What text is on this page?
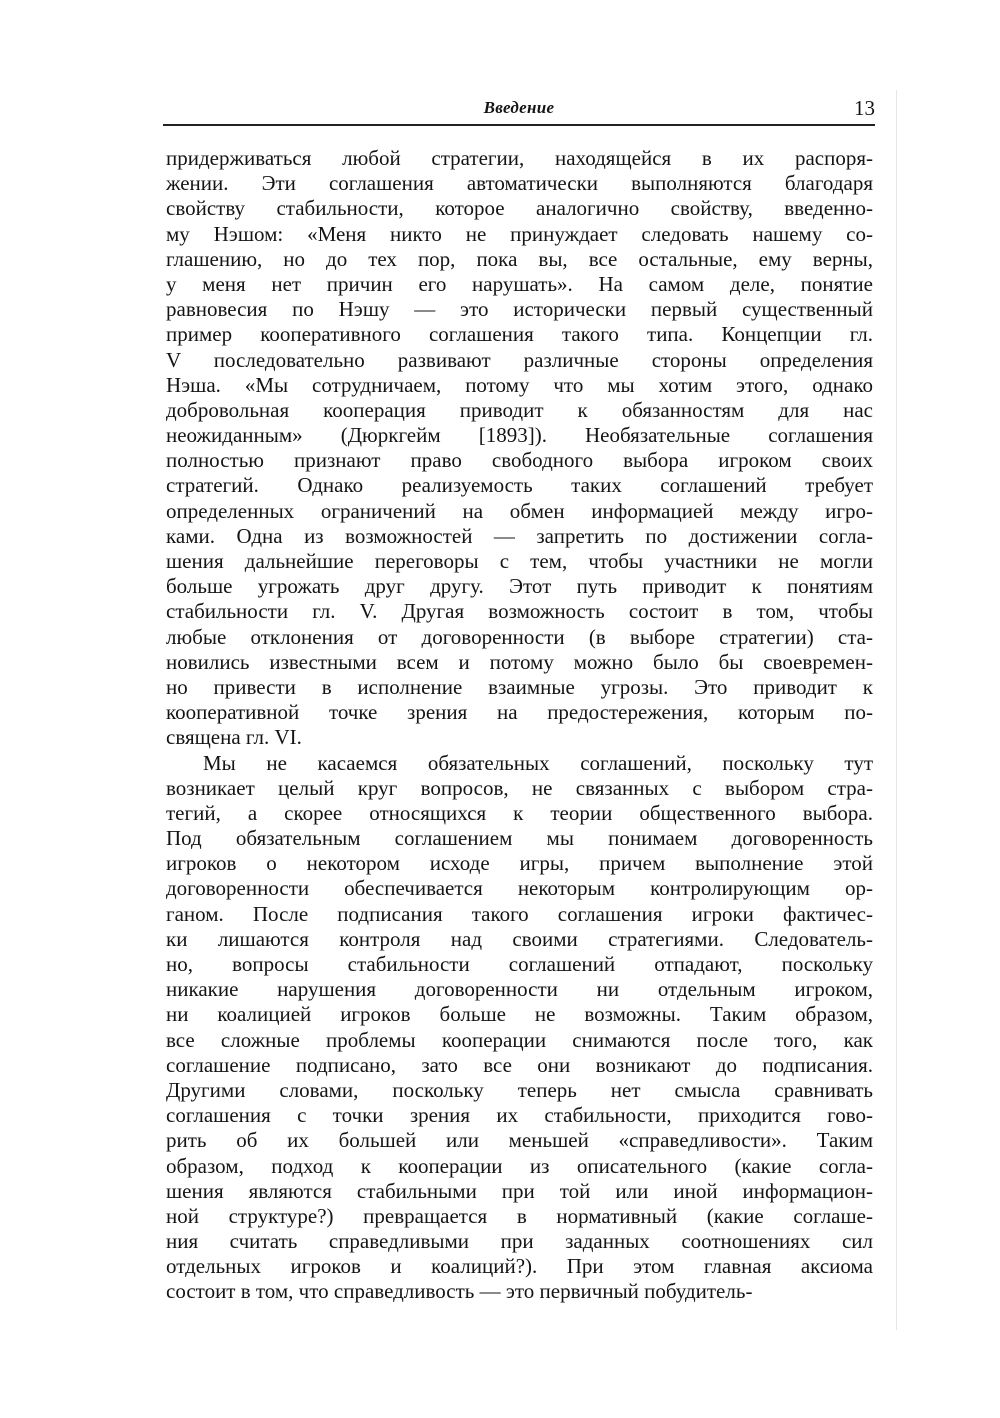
Введение	13
придерживаться любой стратегии, находящейся в их распоря-
жении. Эти соглашения автоматически выполняются благодаря
свойству стабильности, которое аналогично свойству, введенно-
му Нэшом: «Меня никто не принуждает следовать нашему со-
глашению, но до тех пор, пока вы, все остальные, ему верны,
у меня нет причин его нарушать». На самом деле, понятие
равновесия по Нэшу — это исторически первый существенный
пример кооперативного соглашения такого типа. Концепции гл.
V последовательно развивают различные стороны определения
Нэша. «Мы сотрудничаем, потому что мы хотим этого, однако
добровольная кооперация приводит к обязанностям для нас
неожиданным» (Дюркгейм [1893]). Необязательные соглашения
полностью признают право свободного выбора игроком своих
стратегий. Однако реализуемость таких соглашений требует
определенных ограничений на обмен информацией между игро-
ками. Одна из возможностей — запретить по достижении согла-
шения дальнейшие переговоры с тем, чтобы участники не могли
больше угрожать друг другу. Этот путь приводит к понятиям
стабильности гл. V. Другая возможность состоит в том, чтобы
любые отклонения от договоренности (в выборе стратегии) ста-
новились известными всем и потому можно было бы своевремен-
но привести в исполнение взаимные угрозы. Это приводит к
кооперативной точке зрения на предостережения, которым по-
священа гл. VI.
Мы не касаемся обязательных соглашений, поскольку тут
возникает целый круг вопросов, не связанных с выбором стра-
тегий, а скорее относящихся к теории общественного выбора.
Под обязательным соглашением мы понимаем договоренность
игроков о некотором исходе игры, причем выполнение этой
договоренности обеспечивается некоторым контролирующим ор-
ганом. После подписания такого соглашения игроки фактичес-
ки лишаются контроля над своими стратегиями. Следователь-
но, вопросы стабильности соглашений отпадают, поскольку
никакие нарушения договоренности ни отдельным игроком,
ни коалицией игроков больше не возможны. Таким образом,
все сложные проблемы кооперации снимаются после того, как
соглашение подписано, зато все они возникают до подписания.
Другими словами, поскольку теперь нет смысла сравнивать
соглашения с точки зрения их стабильности, приходится гово-
рить об их большей или меньшей «справедливости». Таким
образом, подход к кооперации из описательного (какие согла-
шения являются стабильными при той или иной информацион-
ной структуре?) превращается в нормативный (какие соглаше-
ния считать справедливыми при заданных соотношениях сил
отдельных игроков и коалиций?). При этом главная аксиома
состоит в том, что справедливость — это первичный побудитель-
